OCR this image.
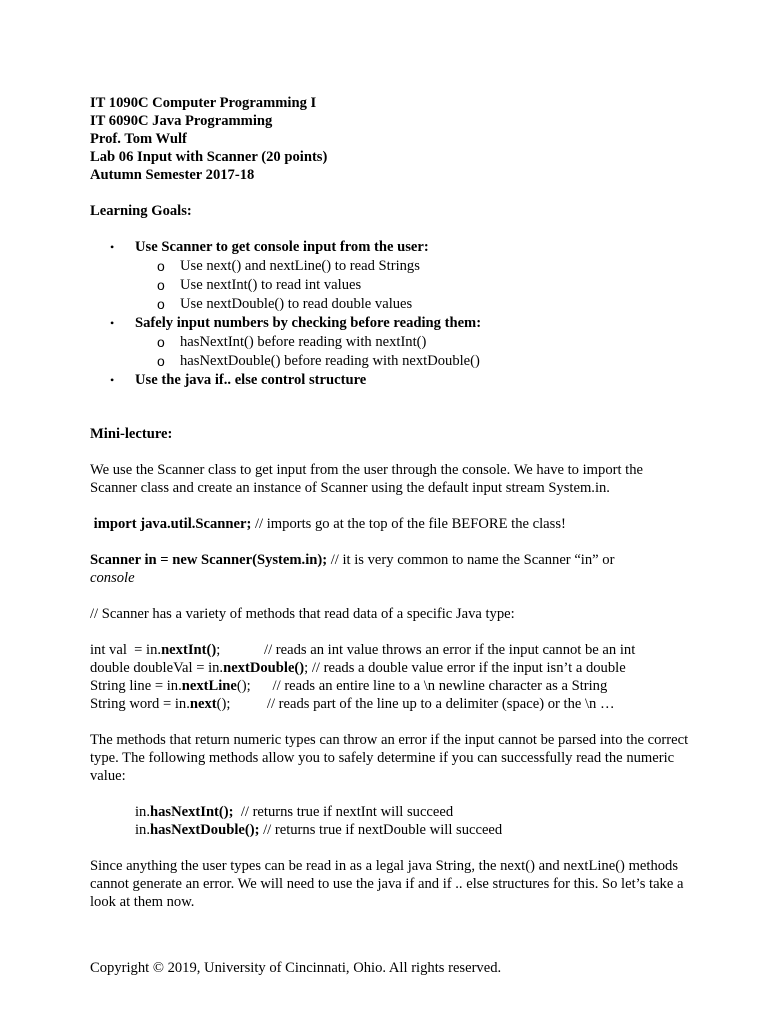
IT 1090C Computer Programming I

IT 6090C Java Programming

Prof. Tom Wulf

Lab 06 Input with Scanner (20 points)

Autumn Semester 2017-18

Learning Goals:

• Use Scanner to get console input from the user:
o Use next() and nextLine() to read Strings
o Use nextInt() to read int values
o Use nextDouble() to read double values
• Safely input numbers by checking before reading them:
o hasNextInt() before reading with nextInt()
o hasNextDouble() before reading with nextDouble()
• Use the java if.. else control structure

Mini-lecture:

We use the Scanner class to get input from the user through the console. We have to import the Scanner class and create an instance of Scanner using the default input stream System.in.

import java.util.Scanner; // imports go at the top of the file BEFORE the class!

Scanner in = new Scanner(System.in); // it is very common to name the Scanner “in” or
console

// Scanner has a variety of methods that read data of a specific Java type:

int val  = in.nextInt();            // reads an int value throws an error if the input cannot be an int

double doubleVal = in.nextDouble(); // reads a double value error if the input isn’t a double

String line = in.nextLine();      // reads an entire line to a \n newline character as a String

String word = in.next();          // reads part of the line up to a delimiter (space) or the \n …

The methods that return numeric types can throw an error if the input cannot be parsed into the correct type. The following methods allow you to safely determine if you can successfully read the numeric value:

in.hasNextInt();  // returns true if nextInt will succeed

in.hasNextDouble(); // returns true if nextDouble will succeed

Since anything the user types can be read in as a legal java String, the next() and nextLine() methods cannot generate an error. We will need to use the java if and if .. else structures for this. So let’s take a look at them now.

Copyright © 2019, University of Cincinnati, Ohio. All rights reserved.
